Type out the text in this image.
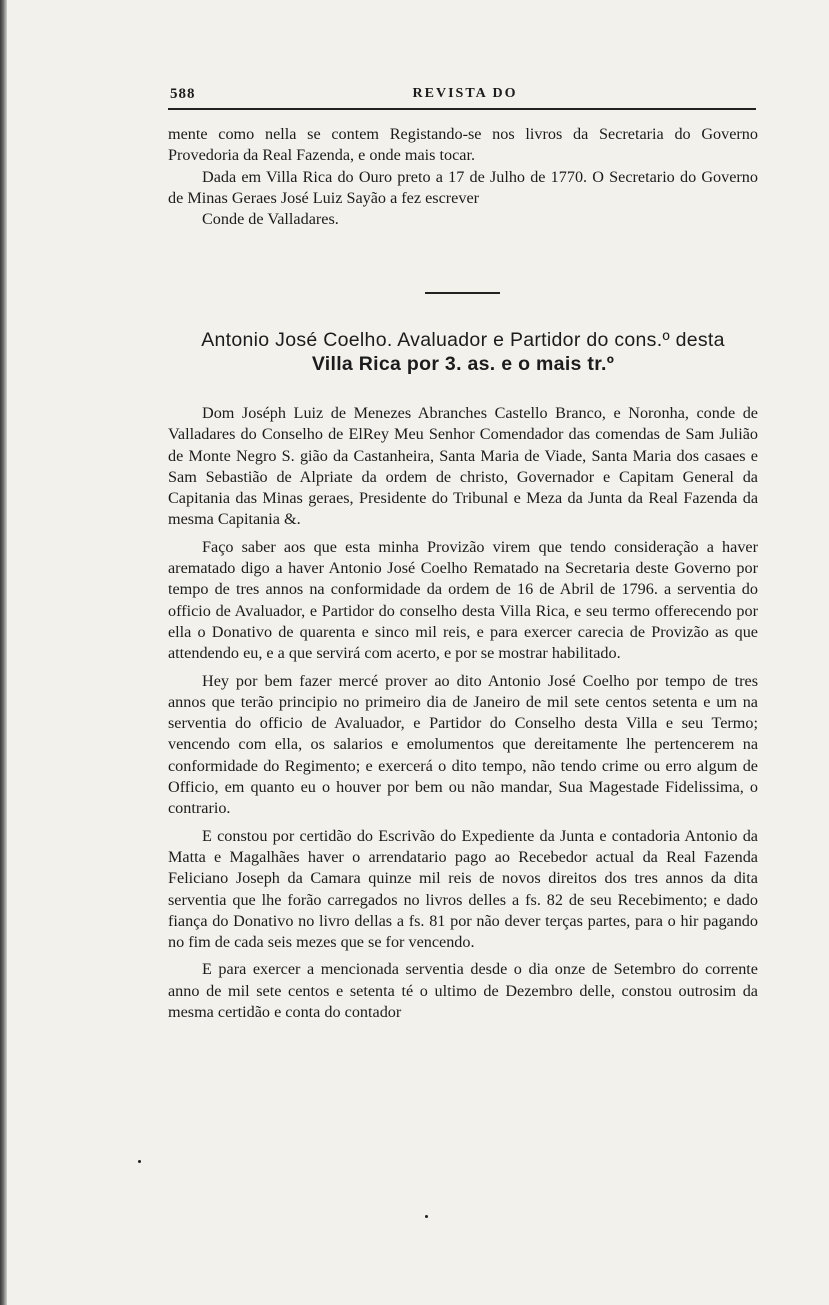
588	REVISTA DO

mente como nella se contem Registando-se nos livros da Secretaria do Governo Provedoria da Real Fazenda, e onde mais tocar.

Dada em Villa Rica do Ouro preto a 17 de Julho de 1770. O Secretario do Governo de Minas Geraes José Luiz Sayão a fez escrever

Conde de Valladares.

Antonio José Coelho. Avaluador e Partidor do cons.º desta

Villa Rica por 3. as. e o mais tr.º

Dom Joséph Luiz de Menezes Abranches Castello Branco, e Noronha, conde de Valladares do Conselho de ElRey Meu Senhor Comendador das comendas de Sam Julião de Monte Negro S. gião da Castanheira, Santa Maria de Viade, Santa Maria dos casaes e Sam Sebastião de Alpriate da ordem de christo, Governador e Capitam General da Capitania das Minas geraes, Presidente do Tribunal e Meza da Junta da Real Fazenda da mesma Capitania &.

Faço saber aos que esta minha Provizão virem que tendo consideração a haver arematado digo a haver Antonio José Coelho Rematado na Secretaria deste Governo por tempo de tres annos na conformidade da ordem de 16 de Abril de 1796. a serventia do officio de Avaluador, e Partidor do conselho desta Villa Rica, e seu termo offerecendo por ella o Donativo de quarenta e sinco mil reis, e para exercer carecia de Provizão as que attendendo eu, e a que servirá com acerto, e por se mostrar habilitado.

Hey por bem fazer mercé prover ao dito Antonio José Coelho por tempo de tres annos que terão principio no primeiro dia de Janeiro de mil sete centos setenta e um na serventia do officio de Avaluador, e Partidor do Conselho desta Villa e seu Termo; vencendo com ella, os salarios e emolumentos que dereitamente lhe pertencerem na conformidade do Regimento; e exercerá o dito tempo, não tendo crime ou erro algum de Officio, em quanto eu o houver por bem ou não mandar, Sua Magestade Fidelissima, o contrario.

E constou por certidão do Escrivão do Expediente da Junta e contadoria Antonio da Matta e Magalhães haver o arrendatario pago ao Recebedor actual da Real Fazenda Feliciano Joseph da Camara quinze mil reis de novos direitos dos tres annos da dita serventia que lhe forão carregados no livros delles a fs. 82 de seu Recebimento; e dado fiança do Donativo no livro dellas a fs. 81 por não dever terças partes, para o hir pagando no fim de cada seis mezes que se for vencendo.

E para exercer a mencionada serventia desde o dia onze de Setembro do corrente anno de mil sete centos e setenta té o ultimo de Dezembro delle, constou outrosim da mesma certidão e conta do contador
